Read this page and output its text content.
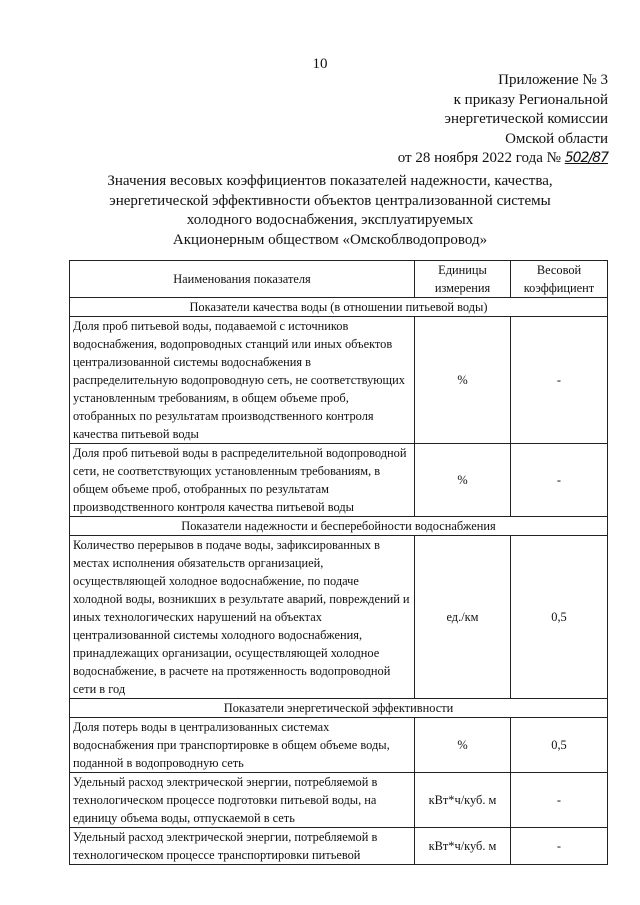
10
Приложение № 3
к приказу Региональной
энергетической комиссии
Омской области
от 28 ноября 2022 года № 502/87
Значения весовых коэффициентов показателей надежности, качества,
энергетической эффективности объектов централизованной системы
холодного водоснабжения, эксплуатируемых
Акционерным обществом «Омскоблводопровод»
Наименования показателя	Единицы измерения	Весовой коэффициент
Показатели качества воды (в отношении питьевой воды)		
Доля проб питьевой воды, подаваемой с источников водоснабжения, водопроводных станций или иных объектов централизованной системы водоснабжения в распределительную водопроводную сеть, не соответствующих установленным требованиям, в общем объеме проб, отобранных по результатам производственного контроля качества питьевой воды	%	-
Доля проб питьевой воды в распределительной водопроводной сети, не соответствующих установленным требованиям, в общем объеме проб, отобранных по результатам производственного контроля качества питьевой воды	%	-
Показатели надежности и бесперебойности водоснабжения		
Количество перерывов в подаче воды, зафиксированных в местах исполнения обязательств организацией, осуществляющей холодное водоснабжение, по подаче холодной воды, возникших в результате аварий, повреждений и иных технологических нарушений на объектах централизованной системы холодного водоснабжения, принадлежащих организации, осуществляющей холодное водоснабжение, в расчете на протяженность водопроводной сети в год	ед./км	0,5
Показатели энергетической эффективности		
Доля потерь воды в централизованных системах водоснабжения при транспортировке в общем объеме воды, поданной в водопроводную сеть	%	0,5
Удельный расход электрической энергии, потребляемой в технологическом процессе подготовки питьевой воды, на единицу объема воды, отпускаемой в сеть	кВт*ч/куб. м	-
Удельный расход электрической энергии, потребляемой в технологическом процессе транспортировки питьевой	кВт*ч/куб. м	-
